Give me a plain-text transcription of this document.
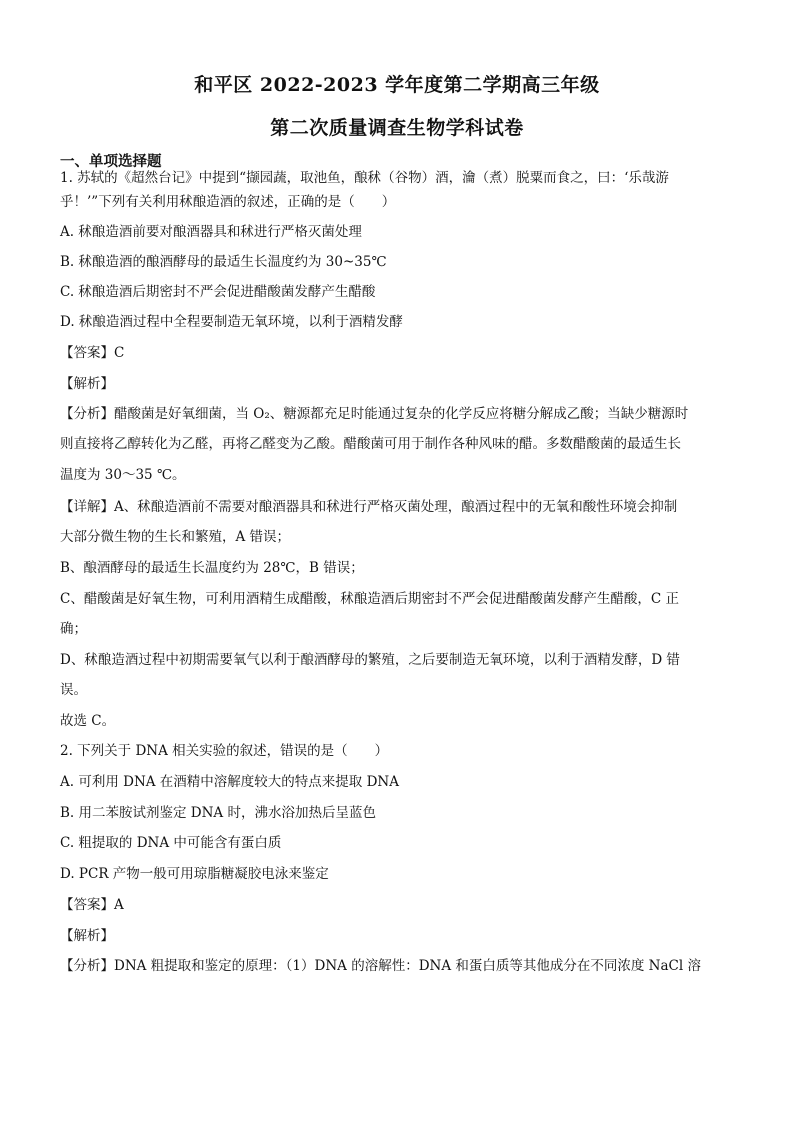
和平区 2022-2023 学年度第二学期高三年级
第二次质量调查生物学科试卷
一、单项选择题
1. 苏轼的《超然台记》中提到“撷园蔬，取池鱼，酿秫（谷物）酒，瀹（煮）脱粟而食之，曰：‘乐哉游
乎！’”下列有关利用秫酿造酒的叙述，正确的是（　　）
A. 秫酿造酒前要对酿酒器具和秫进行严格灭菌处理
B. 秫酿造酒的酿酒酵母的最适生长温度约为 30~35℃
C. 秫酿造酒后期密封不严会促进醋酸菌发酵产生醋酸
D. 秫酿造酒过程中全程要制造无氧环境，以利于酒精发酵
【答案】C
【解析】
【分析】醋酸菌是好氧细菌，当 O₂、糖源都充足时能通过复杂的化学反应将糖分解成乙酸；当缺少糖源时
则直接将乙醇转化为乙醛，再将乙醛变为乙酸。醋酸菌可用于制作各种风味的醋。多数醋酸菌的最适生长
温度为 30～35 ℃。
【详解】A、秫酿造酒前不需要对酿酒器具和秫进行严格灭菌处理，酿酒过程中的无氧和酸性环境会抑制
大部分微生物的生长和繁殖，A 错误；
B、酿酒酵母的最适生长温度约为 28℃，B 错误；
C、醋酸菌是好氧生物，可利用酒精生成醋酸，秫酿造酒后期密封不严会促进醋酸菌发酵产生醋酸，C 正
确；
D、秫酿造酒过程中初期需要氧气以利于酿酒酵母的繁殖，之后要制造无氧环境，以利于酒精发酵，D 错
误。
故选 C。
2. 下列关于 DNA 相关实验的叙述，错误的是（　　）
A. 可利用 DNA 在酒精中溶解度较大的特点来提取 DNA
B. 用二苯胺试剂鉴定 DNA 时，沸水浴加热后呈蓝色
C. 粗提取的 DNA 中可能含有蛋白质
D. PCR 产物一般可用琼脂糖凝胶电泳来鉴定
【答案】A
【解析】
【分析】DNA 粗提取和鉴定的原理：（1）DNA 的溶解性：DNA 和蛋白质等其他成分在不同浓度 NaCl 溶
